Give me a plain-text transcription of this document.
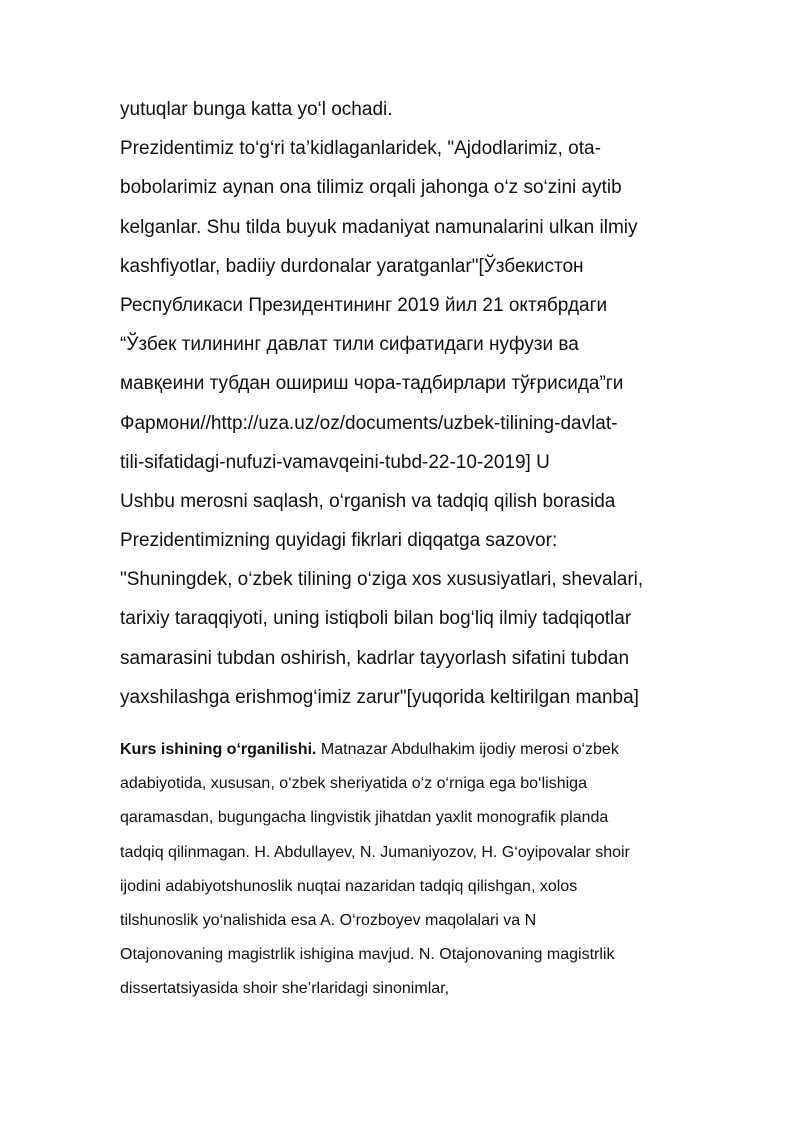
yutuqlar bunga katta yo‘l ochadi.
Prezidentimiz to‘g‘ri ta’kidlaganlaridek, "Ajdodlarimiz, ota-
bobolarimiz aynan ona tilimiz orqali jahonga o‘z so‘zini aytib
kelganlar. Shu tilda buyuk madaniyat namunalarini ulkan ilmiy
kashfiyotlar, badiiy durdonalar yaratganlar"[Ўзбекистон
Республикаси Президентининг 2019 йил 21 октябрдаги
“Ўзбек тилининг давлат тили сифатидаги нуфузи ва
мавқеини тубдан ошириш чора-тадбирлари тўғрисида”ги
Фармони//http://uza.uz/oz/documents/uzbek-tilining-davlat-
tili-sifatidagi-nufuzi-vamavqeini-tubd-22-10-2019] U
Ushbu merosni saqlash, o‘rganish va tadqiq qilish borasida
Prezidentimizning quyidagi fikrlari diqqatga sazovor:
"Shuningdek, o‘zbek tilining o‘ziga xos xususiyatlari, shevalari,
tarixiy taraqqiyoti, uning istiqboli bilan bog‘liq ilmiy tadqiqotlar
samarasini tubdan oshirish, kadrlar tayyorlash sifatini tubdan
yaxshilashga erishmog‘imiz zarur"[yuqorida keltirilgan manba]
Kurs ishining o‘rganilishi. Matnazar Abdulhakim ijodiy merosi o‘zbek
adabiyotida, xususan, o‘zbek sheriyatida o‘z o‘rniga ega bo‘lishiga
qaramasdan, bugungacha lingvistik jihatdan yaxlit monografik planda
tadqiq qilinmagan. H. Abdullayev, N. Jumaniyozov, H. G‘oyipovalar shoir
ijodini adabiyotshunoslik nuqtai nazaridan tadqiq qilishgan, xolos
tilshunoslik yo‘nalishida esa A. O‘rozboyev maqolalari va N
Otajonovaning magistrlik ishigina mavjud. N. Otajonovaning magistrlik
dissertatsiyasida shoir she’rlaridagi sinonimlar,
